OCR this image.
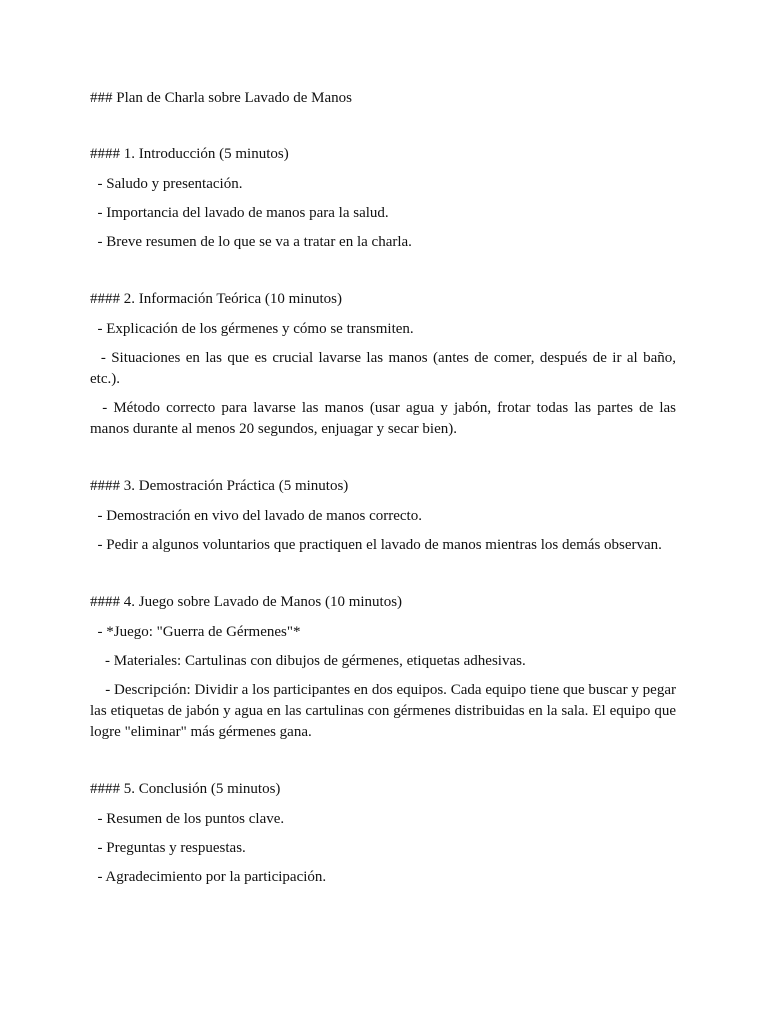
### Plan de Charla sobre Lavado de Manos

#### 1. Introducción (5 minutos)

- Saludo y presentación.

- Importancia del lavado de manos para la salud.

- Breve resumen de lo que se va a tratar en la charla.

#### 2. Información Teórica (10 minutos)

- Explicación de los gérmenes y cómo se transmiten.

- Situaciones en las que es crucial lavarse las manos (antes de comer, después de ir al baño, etc.).

- Método correcto para lavarse las manos (usar agua y jabón, frotar todas las partes de las manos durante al menos 20 segundos, enjuagar y secar bien).

#### 3. Demostración Práctica (5 minutos)

- Demostración en vivo del lavado de manos correcto.

- Pedir a algunos voluntarios que practiquen el lavado de manos mientras los demás observan.

#### 4. Juego sobre Lavado de Manos (10 minutos)

- *Juego: "Guerra de Gérmenes"*

- Materiales: Cartulinas con dibujos de gérmenes, etiquetas adhesivas.

- Descripción: Dividir a los participantes en dos equipos. Cada equipo tiene que buscar y pegar las etiquetas de jabón y agua en las cartulinas con gérmenes distribuidas en la sala. El equipo que logre "eliminar" más gérmenes gana.

#### 5. Conclusión (5 minutos)

- Resumen de los puntos clave.

- Preguntas y respuestas.

- Agradecimiento por la participación.
